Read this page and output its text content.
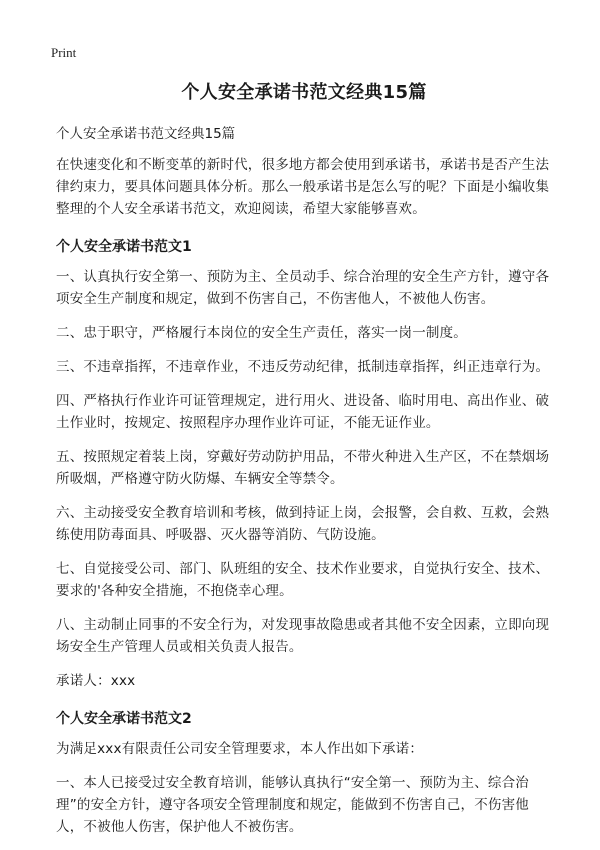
Print
个人安全承诺书范文经典15篇
个人安全承诺书范文经典15篇

在快速变化和不断变革的新时代，很多地方都会使用到承诺书，承诺书是否产生法律约束力，要具体问题具体分析。那么一般承诺书是怎么写的呢？下面是小编收集整理的个人安全承诺书范文，欢迎阅读，希望大家能够喜欢。

个人安全承诺书范文1

一、认真执行安全第一、预防为主、全员动手、综合治理的安全生产方针，遵守各项安全生产制度和规定，做到不伤害自己，不伤害他人，不被他人伤害。

二、忠于职守，严格履行本岗位的安全生产责任，落实一岗一制度。

三、不违章指挥，不违章作业，不违反劳动纪律，抵制违章指挥，纠正违章行为。

四、严格执行作业许可证管理规定，进行用火、进设备、临时用电、高出作业、破土作业时，按规定、按照程序办理作业许可证，不能无证作业。

五、按照规定着装上岗，穿戴好劳动防护用品，不带火种进入生产区，不在禁烟场所吸烟，严格遵守防火防爆、车辆安全等禁令。

六、主动接受安全教育培训和考核，做到持证上岗，会报警，会自救、互救，会熟练使用防毒面具、呼吸器、灭火器等消防、气防设施。

七、自觉接受公司、部门、队班组的安全、技术作业要求，自觉执行安全、技术、要求的'各种安全措施，不抱侥幸心理。

八、主动制止同事的不安全行为，对发现事故隐患或者其他不安全因素，立即向现场安全生产管理人员或相关负责人报告。

承诺人：xxx

个人安全承诺书范文2

为满足xxx有限责任公司安全管理要求，本人作出如下承诺：

一、本人已接受过安全教育培训，能够认真执行“安全第一、预防为主、综合治理”的安全方针，遵守各项安全管理制度和规定，能做到不伤害自己，不伤害他人，不被他人伤害，保护他人不被伤害。
